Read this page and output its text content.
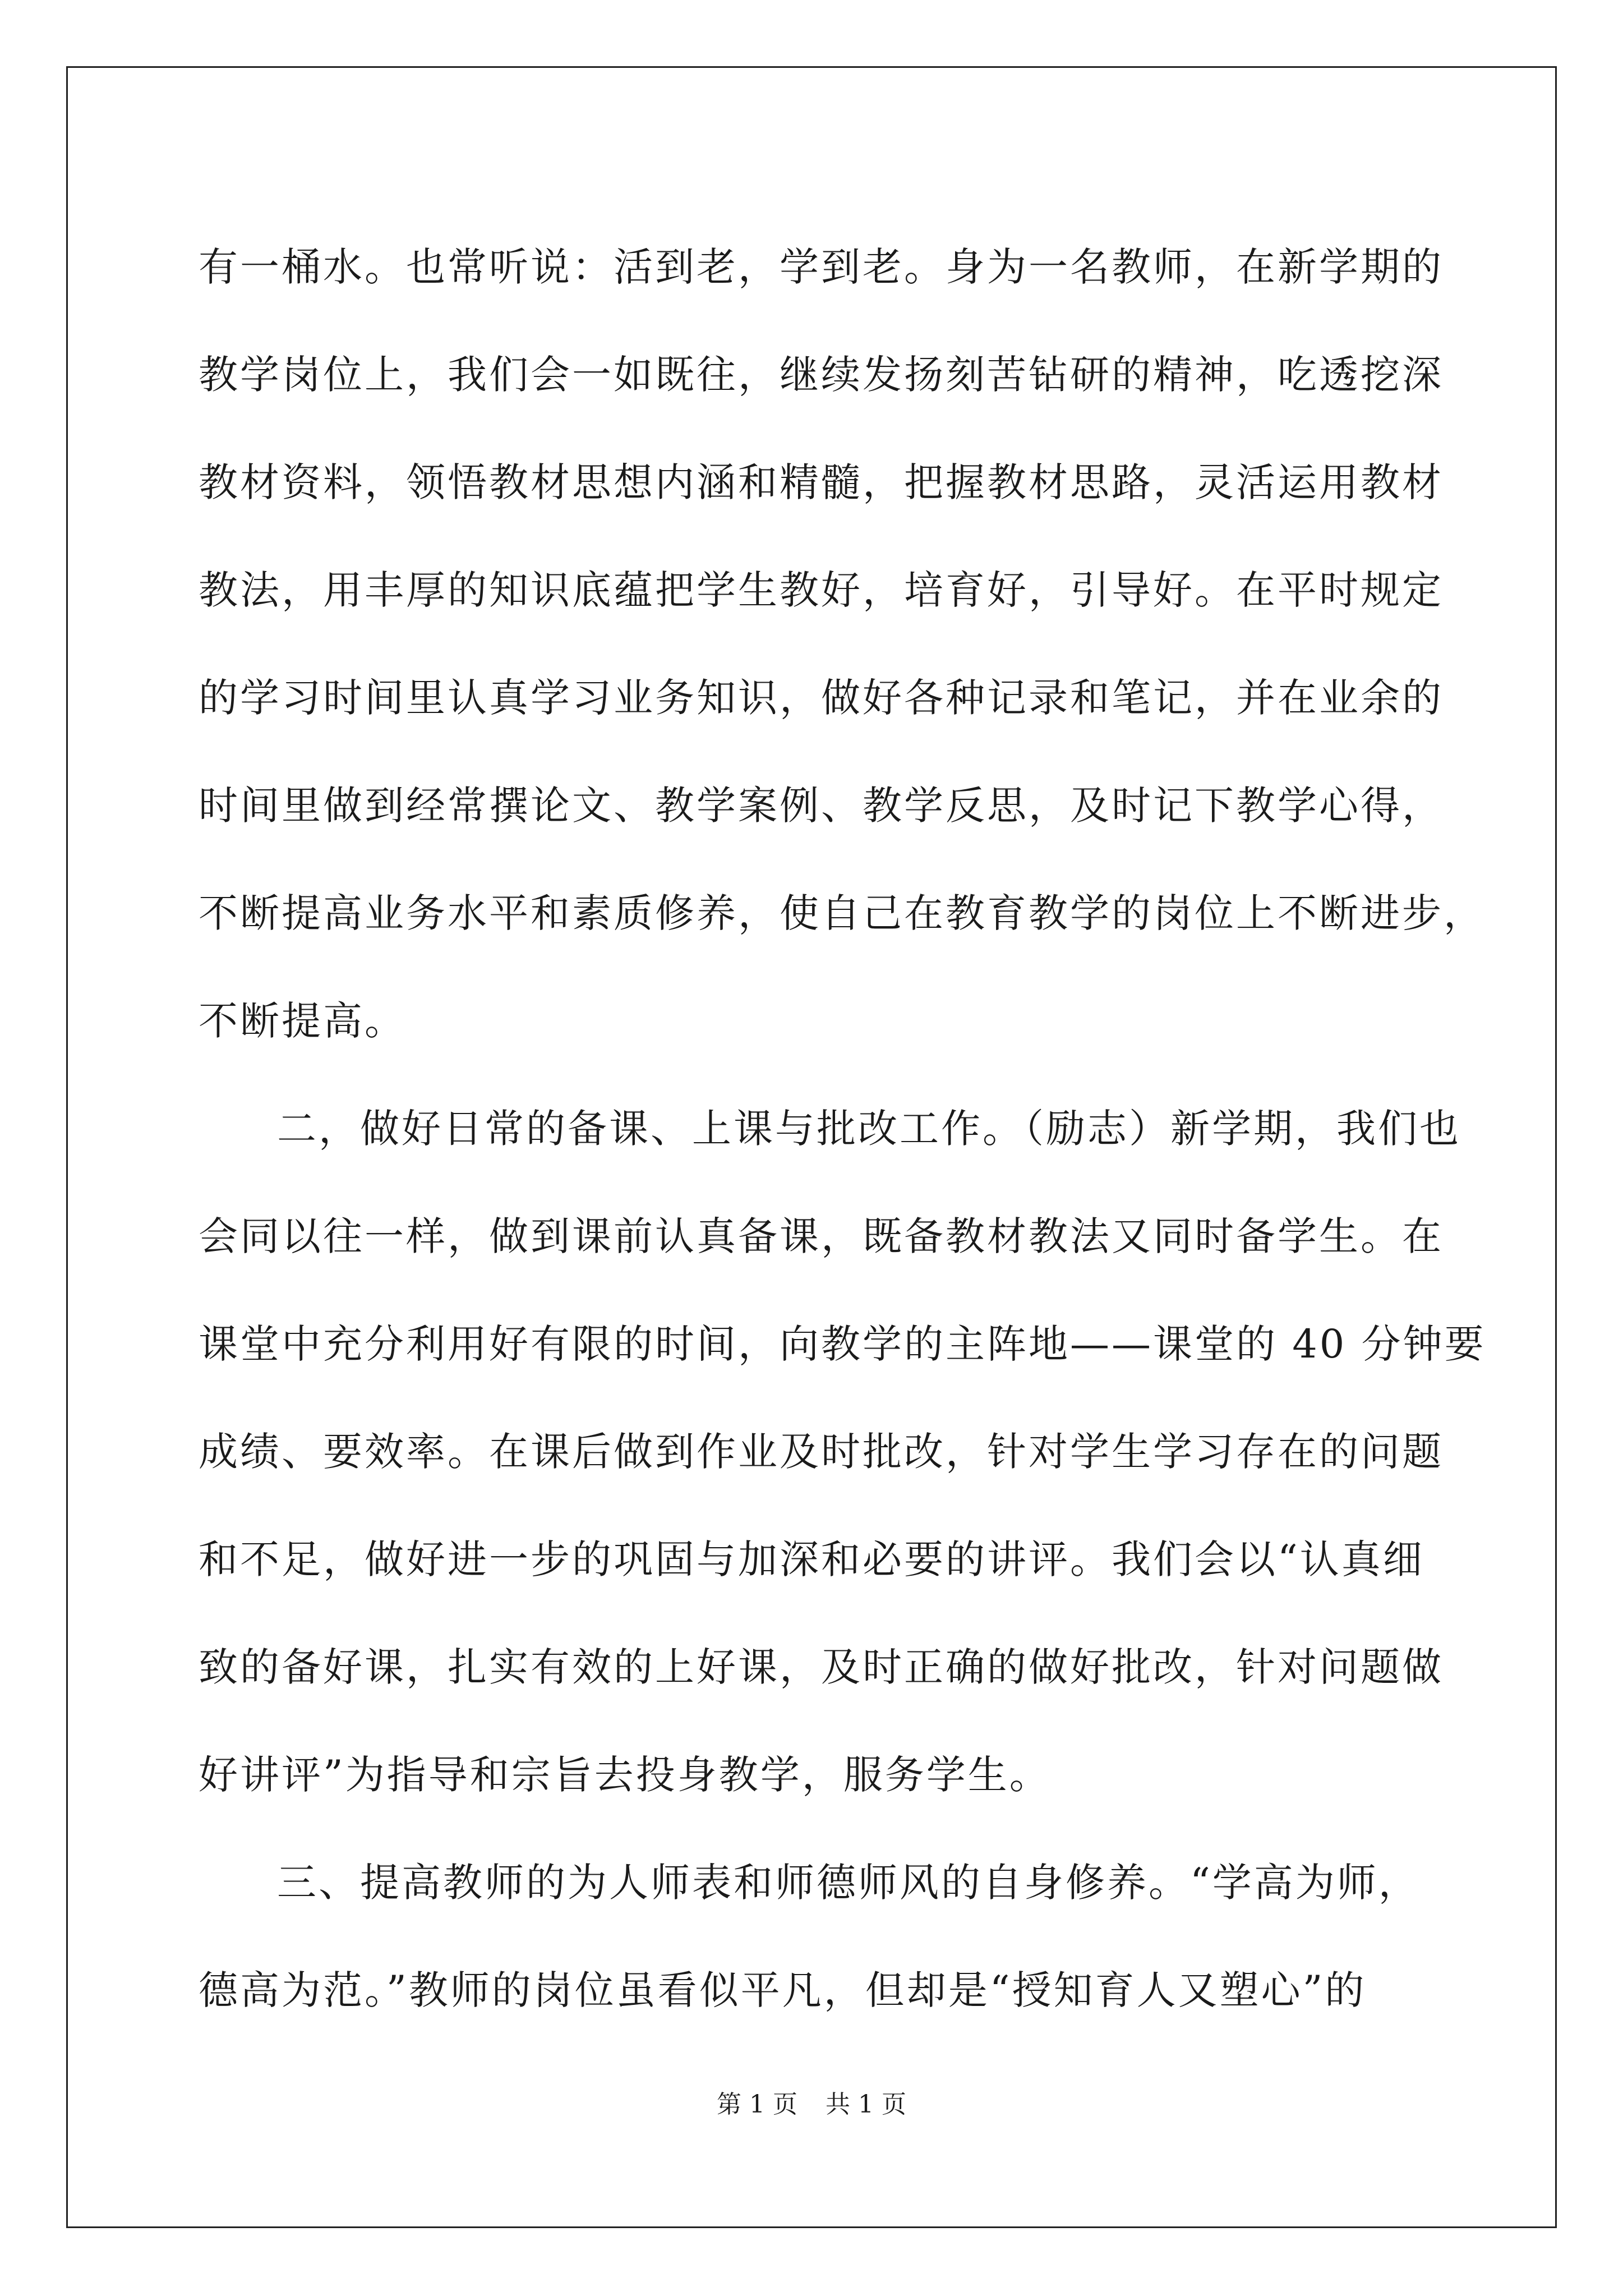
有一桶水。也常听说：活到老，学到老。身为一名教师，在新学期的
教学岗位上，我们会一如既往，继续发扬刻苦钻研的精神，吃透挖深
教材资料，领悟教材思想内涵和精髓，把握教材思路，灵活运用教材
教法，用丰厚的知识底蕴把学生教好，培育好，引导好。在平时规定
的学习时间里认真学习业务知识，做好各种记录和笔记，并在业余的
时间里做到经常撰论文、教学案例、教学反思，及时记下教学心得，
不断提高业务水平和素质修养，使自己在教育教学的岗位上不断进步，
不断提高。
二，做好日常的备课、上课与批改工作。（励志）新学期，我们也
会同以往一样，做到课前认真备课，既备教材教法又同时备学生。在
课堂中充分利用好有限的时间，向教学的主阵地——课堂的 40 分钟要
成绩、要效率。在课后做到作业及时批改，针对学生学习存在的问题
和不足，做好进一步的巩固与加深和必要的讲评。我们会以“认真细
致的备好课，扎实有效的上好课，及时正确的做好批改，针对问题做
好讲评”为指导和宗旨去投身教学，服务学生。
三、提高教师的为人师表和师德师风的自身修养。“学高为师，
德高为范。”教师的岗位虽看似平凡，但却是“授知育人又塑心”的
第 1 页 共 1 页
